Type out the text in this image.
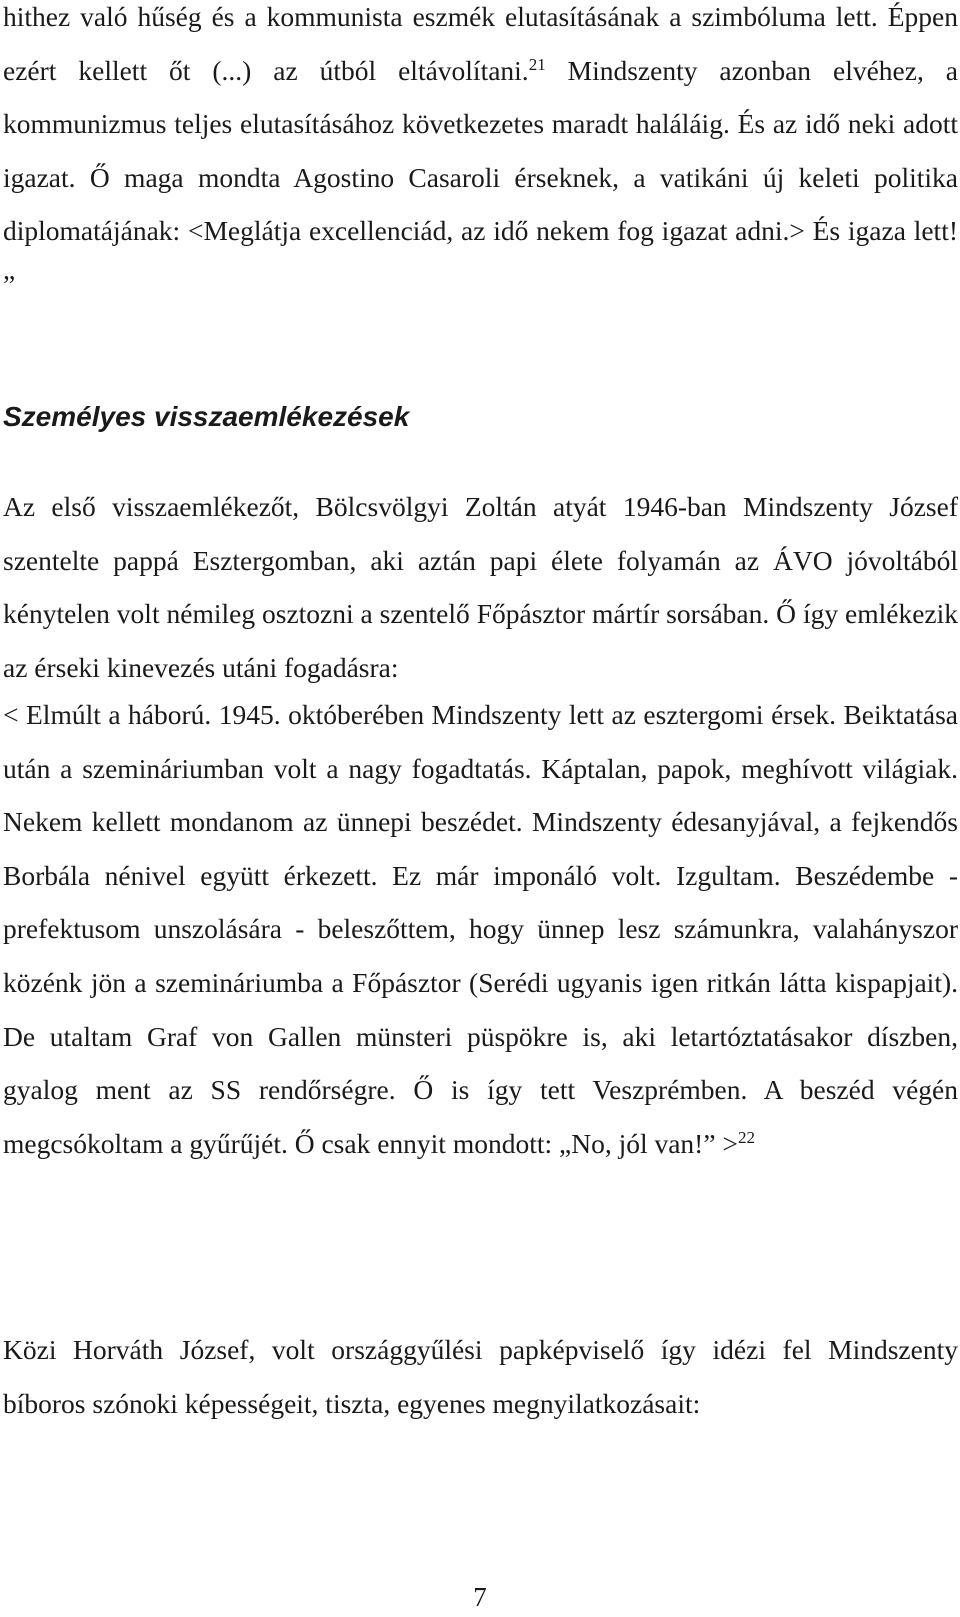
hithez való hűség és a kommunista eszmék elutasításának a szimbóluma lett. Éppen ezért kellett őt (...) az útból eltávolítani.$^{21}$ Mindszenty azonban elvéhez, a kommunizmus teljes elutasításához következetes maradt haláláig. És az idő neki adott igazat. Ő maga mondta Agostino Casaroli érseknek, a vatikáni új keleti politika diplomatájának: <Meglátja excellenciád, az idő nekem fog igazat adni.> És igaza lett! ”

Személyes visszaemlékezések

Az első visszaemlékezőt, Bölcsvölgyi Zoltán atyát 1946-ban Mindszenty József szentelte pappá Esztergomban, aki aztán papi élete folyamán az ÁVO jóvoltából kénytelen volt némileg osztozni a szentelő Főpásztor mártír sorsában. Ő így emlékezik az érseki kinevezés utáni fogadásra:

< Elmúlt a háború. 1945. októberében Mindszenty lett az esztergomi érsek. Beiktatása után a szemináriumban volt a nagy fogadtatás. Káptalan, papok, meghívott világiak. Nekem kellett mondanom az ünnepi beszédet. Mindszenty édesanyjával, a fejkendős Borbála nénivel együtt érkezett. Ez már imponáló volt. Izgultam. Beszédembe - prefektusom unszolására - beleszőttem, hogy ünnep lesz számunkra, valahányszor közénk jön a szemináriumba a Főpásztor (Serédi ugyanis igen ritkán látta kispapjait). De utaltam Graf von Gallen münsteri püspökre is, aki letartóztatásakor díszben, gyalog ment az SS rendőrségre. Ő is így tett Veszprémben. A beszéd végén megcsókoltam a gyűrűjét. Ő csak ennyit mondott: „No, jól van!” >$^{22}$

Közi Horváth József, volt országgyűlési papképviselő így idézi fel Mindszenty bíboros szónoki képességeit, tiszta, egyenes megnyilatkozásait:

7
